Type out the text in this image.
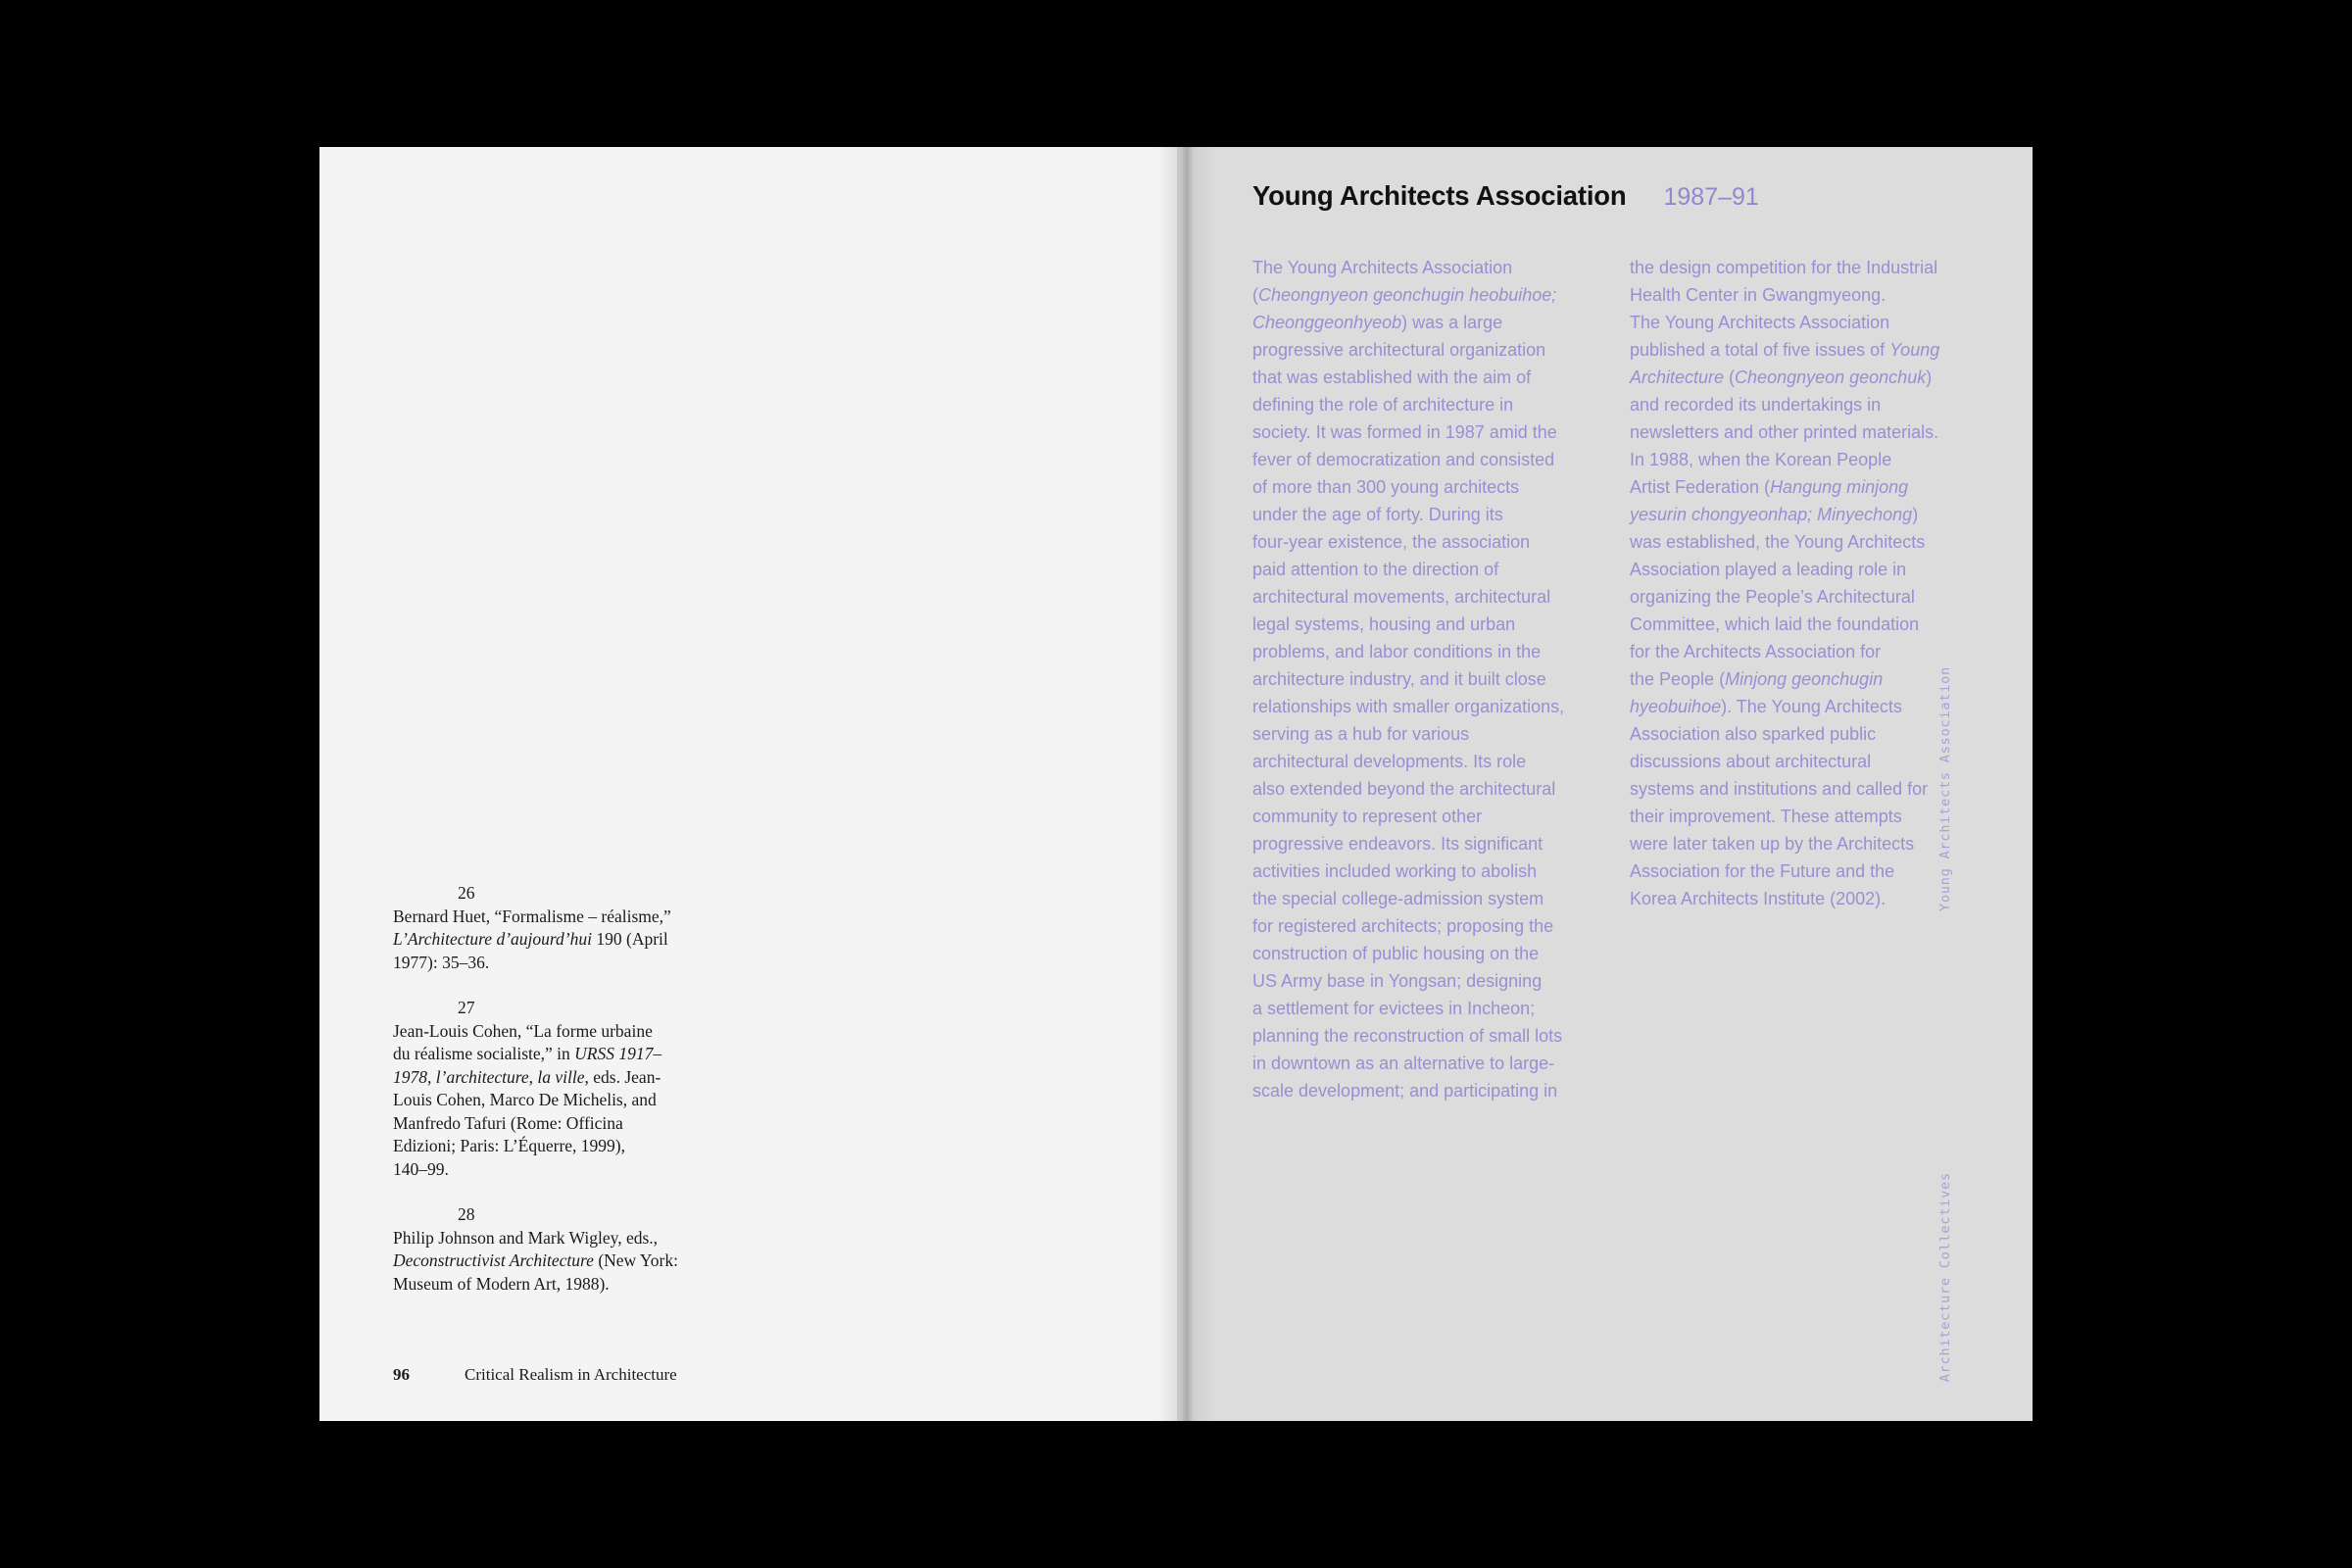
26
Bernard Huet, “Formalisme – réalisme,”
L’Architecture d’aujourd’hui 190 (April
1977): 35–36.
27
Jean-Louis Cohen, “La forme urbaine
du réalisme socialiste,” in URSS 1917–
1978, l’architecture, la ville, eds. Jean-
Louis Cohen, Marco De Michelis, and
Manfredo Tafuri (Rome: Officina
Edizioni; Paris: L’Équerre, 1999),
140–99.
28
Philip Johnson and Mark Wigley, eds.,
Deconstructivist Architecture (New York:
Museum of Modern Art, 1988).
96	Critical Realism in Architecture
Young Architects Association 1987–91
The Young Architects Association
(Cheongnyeon geonchugin heobuihoe;
Cheonggeonhyeob) was a large
progressive architectural organization
that was established with the aim of
defining the role of architecture in
society. It was formed in 1987 amid the
fever of democratization and consisted
of more than 300 young architects
under the age of forty. During its
four-year existence, the association
paid attention to the direction of
architectural movements, architectural
legal systems, housing and urban
problems, and labor conditions in the
architecture industry, and it built close
relationships with smaller organizations,
serving as a hub for various
architectural developments. Its role
also extended beyond the architectural
community to represent other
progressive endeavors. Its significant
activities included working to abolish
the special college-admission system
for registered architects; proposing the
construction of public housing on the
US Army base in Yongsan; designing
a settlement for evictees in Incheon;
planning the reconstruction of small lots
in downtown as an alternative to large-
scale development; and participating in
the design competition for the Industrial
Health Center in Gwangmyeong.
The Young Architects Association
published a total of five issues of Young
Architecture (Cheongnyeon geonchuk)
and recorded its undertakings in
newsletters and other printed materials.
In 1988, when the Korean People
Artist Federation (Hangung minjong
yesurin chongyeonhap; Minyechong)
was established, the Young Architects
Association played a leading role in
organizing the People’s Architectural
Committee, which laid the foundation
for the Architects Association for
the People (Minjong geonchugin
hyeobuihoe). The Young Architects
Association also sparked public
discussions about architectural
systems and institutions and called for
their improvement. These attempts
were later taken up by the Architects
Association for the Future and the
Korea Architects Institute (2002).	Young Architects Association
Architecture Collectives
